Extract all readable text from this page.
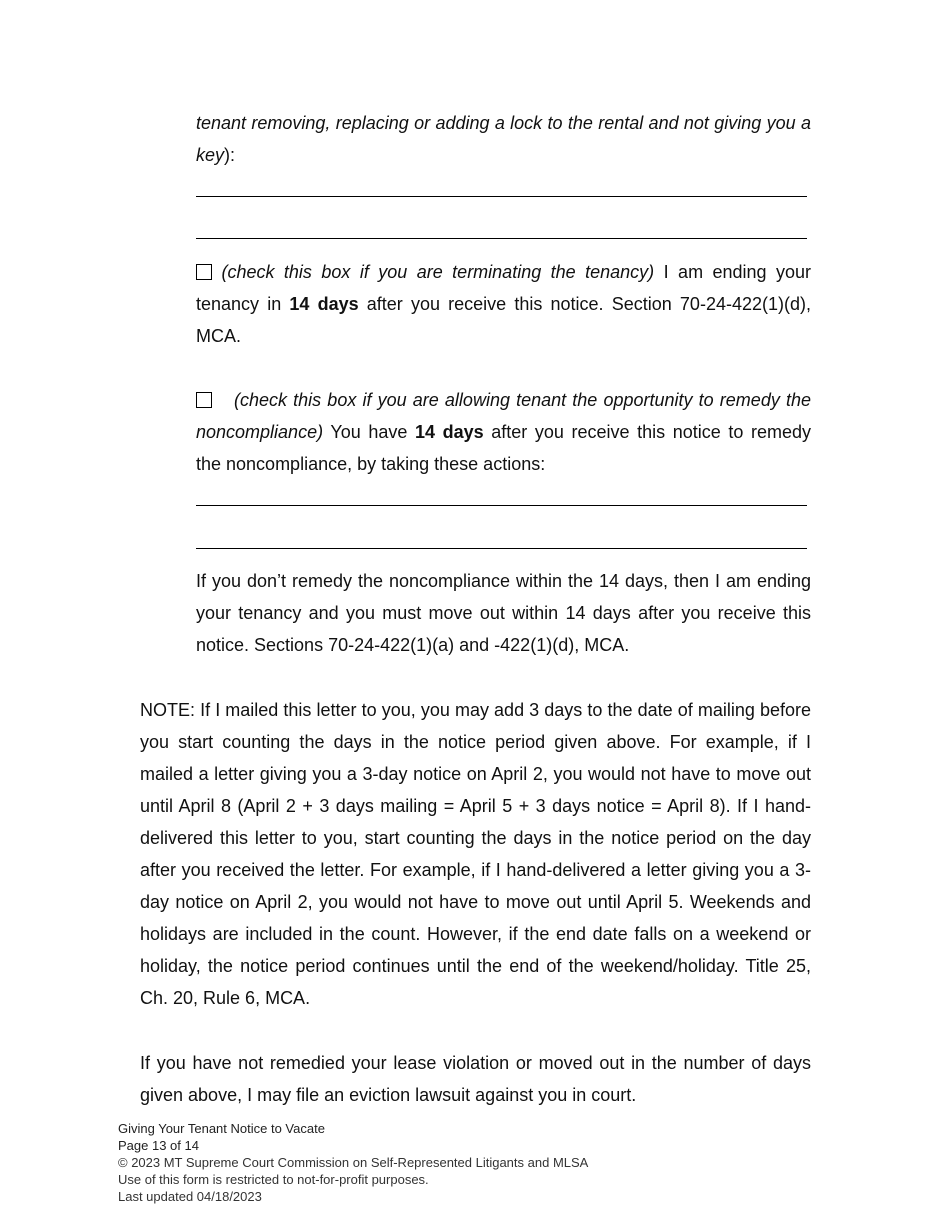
tenant removing, replacing or adding a lock to the rental and not giving you a key):
(check this box if you are terminating the tenancy) I am ending your tenancy in 14 days after you receive this notice. Section 70-24-422(1)(d), MCA.
(check this box if you are allowing tenant the opportunity to remedy the noncompliance) You have 14 days after you receive this notice to remedy the noncompliance, by taking these actions:
If you don’t remedy the noncompliance within the 14 days, then I am ending your tenancy and you must move out within 14 days after you receive this notice. Sections 70-24-422(1)(a) and -422(1)(d), MCA.
NOTE: If I mailed this letter to you, you may add 3 days to the date of mailing before you start counting the days in the notice period given above. For example, if I mailed a letter giving you a 3-day notice on April 2, you would not have to move out until April 8 (April 2 + 3 days mailing = April 5 + 3 days notice = April 8). If I hand-delivered this letter to you, start counting the days in the notice period on the day after you received the letter. For example, if I hand-delivered a letter giving you a 3-day notice on April 2, you would not have to move out until April 5. Weekends and holidays are included in the count. However, if the end date falls on a weekend or holiday, the notice period continues until the end of the weekend/holiday. Title 25, Ch. 20, Rule 6, MCA.
If you have not remedied your lease violation or moved out in the number of days given above, I may file an eviction lawsuit against you in court.
Giving Your Tenant Notice to Vacate
Page 13 of 14
© 2023 MT Supreme Court Commission on Self-Represented Litigants and MLSA
Use of this form is restricted to not-for-profit purposes.
Last updated 04/18/2023
